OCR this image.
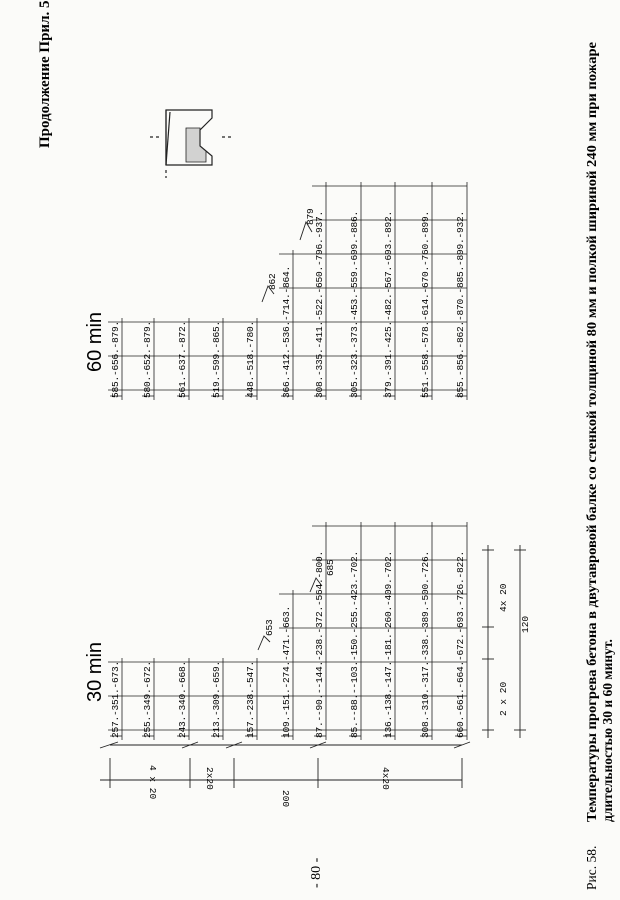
Продолжение Прил. 5
30 min 257.-351.-673. 255.-349.-672.	243.-340.-668. 213.-309.-659. 157.-238.-547.	109.-151.-274.-471.-663. 87.--90.--144.-238.-372.-564.-800.	85.--88.--103.-150.-255.-423.-702. 136.-138.-147.-181.-260.-409.-702.	308.-310.-317.-338.-389.-500.-726.	660.-661.-664.-672.-693.-726.-822.
653
685
4 x 20	2x20	4x20
200
2 x 20
4x 20
120
60 min 585.-656.-879. 580.-652.-879.	561.-637.-872. 519.-599.-865. 448.-518.-780.	366.-412.-536.-714.-864. 308.-335.-411.-522.-650.-796.-937.	305.-323.-373.-453.-559.-699.-886. 379.-391.-425.-482.-567.-693.-892.	551.-558.-578.-614.-670.-760.-899.	855.-856.-862.-870.-885.-899.-932.
862
879
Рис. 58.
Температуры прогрева бетона в двутавровой балке со стенкой толщиной 80 мм и полкой шириной 240 мм при пожаре длительностью 30 и 60 минут.
- 80 -
